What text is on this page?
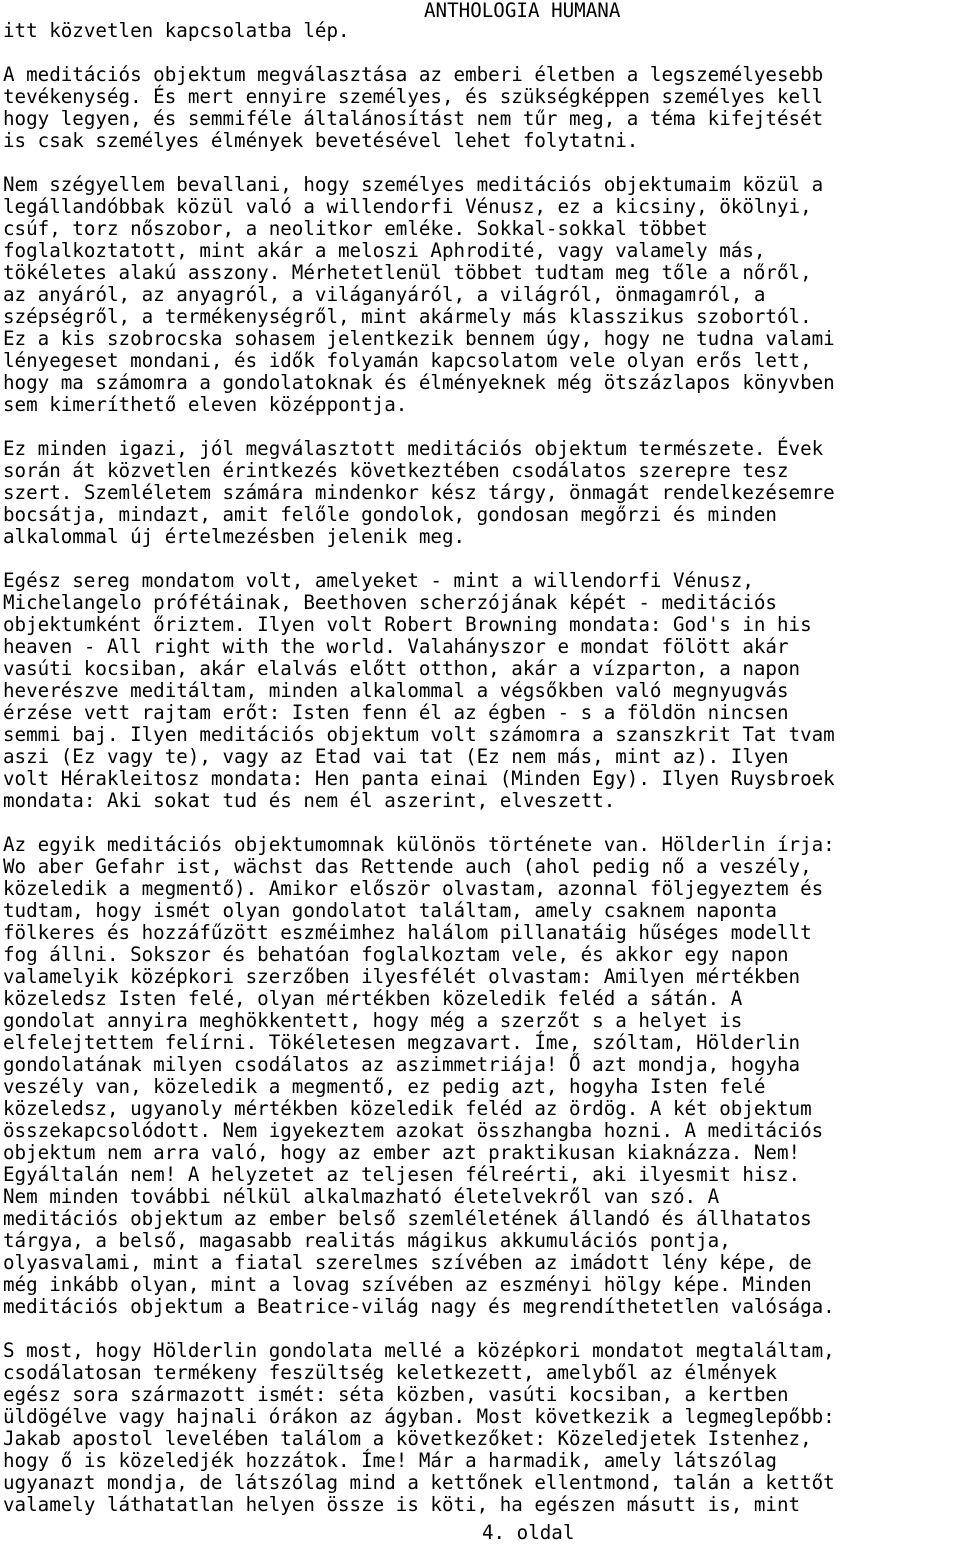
ANTHOLOGIA HUMANA
itt közvetlen kapcsolatba lép.
A meditációs objektum megválasztása az emberi életben a legszemélyesebb
tevékenység. És mert ennyire személyes, és szükségképpen személyes kell
hogy legyen, és semmiféle általánosítást nem tűr meg, a téma kifejtését
is csak személyes élmények bevetésével lehet folytatni.
Nem szégyellem bevallani, hogy személyes meditációs objektumaim közül a
legállandóbbak közül való a willendorfi Vénusz, ez a kicsiny, ökölnyi,
csúf, torz nőszobor, a neolitkor emléke. Sokkal-sokkal többet
foglalkoztatott, mint akár a meloszi Aphrodité, vagy valamely más,
tökéletes alakú asszony. Mérhetetlenül többet tudtam meg tőle a nőről,
az anyáról, az anyagról, a világanyáról, a világról, önmagamról, a
szépségről, a termékenységről, mint akármely más klasszikus szobortól.
Ez a kis szobrocska sohasem jelentkezik bennem úgy, hogy ne tudna valami
lényegeset mondani, és idők folyamán kapcsolatom vele olyan erős lett,
hogy ma számomra a gondolatoknak és élményeknek még ötszázlapos könyvben
sem kimeríthető eleven középpontja.
Ez minden igazi, jól megválasztott meditációs objektum természete. Évek
során át közvetlen érintkezés következtében csodálatos szerepre tesz
szert. Szemléletem számára mindenkor kész tárgy, önmagát rendelkezésemre
bocsátja, mindazt, amit felőle gondolok, gondosan megőrzi és minden
alkalommal új értelmezésben jelenik meg.
Egész sereg mondatom volt, amelyeket - mint a willendorfi Vénusz,
Michelangelo prófétáinak, Beethoven scherzójának képét - meditációs
objektumként őriztem. Ilyen volt Robert Browning mondata: God's in his
heaven - All right with the world. Valahányszor e mondat fölött akár
vasúti kocsiban, akár elalvás előtt otthon, akár a vízparton, a napon
heverészve meditáltam, minden alkalommal a végsőkben való megnyugvás
érzése vett rajtam erőt: Isten fenn él az égben - s a földön nincsen
semmi baj. Ilyen meditációs objektum volt számomra a szanszkrit Tat tvam
aszi (Ez vagy te), vagy az Etad vai tat (Ez nem más, mint az). Ilyen
volt Hérakleitosz mondata: Hen panta einai (Minden Egy). Ilyen Ruysbroek
mondata: Aki sokat tud és nem él aszerint, elveszett.
Az egyik meditációs objektumomnak különös története van. Hölderlin írja:
Wo aber Gefahr ist, wächst das Rettende auch (ahol pedig nő a veszély,
közeledik a megmentő). Amikor először olvastam, azonnal följegyeztem és
tudtam, hogy ismét olyan gondolatot találtam, amely csaknem naponta
fölkeres és hozzáfűzött eszméimhez halálom pillanatáig hűséges modellt
fog állni. Sokszor és behatóan foglalkoztam vele, és akkor egy napon
valamelyik középkori szerzőben ilyesfélét olvastam: Amilyen mértékben
közeledsz Isten felé, olyan mértékben közeledik feléd a sátán. A
gondolat annyira meghökkentett, hogy még a szerzőt s a helyet is
elfelejtettem felírni. Tökéletesen megzavart. Íme, szóltam, Hölderlin
gondolatának milyen csodálatos az aszimmetriája! Ő azt mondja, hogyha
veszély van, közeledik a megmentő, ez pedig azt, hogyha Isten felé
közeledsz, ugyanoly mértékben közeledik feléd az ördög. A két objektum
összekapcsolódott. Nem igyekeztem azokat összhangba hozni. A meditációs
objektum nem arra való, hogy az ember azt praktikusan kiaknázza. Nem!
Egyáltalán nem! A helyzetet az teljesen félreérti, aki ilyesmit hisz.
Nem minden további nélkül alkalmazható életelvekről van szó. A
meditációs objektum az ember belső szemléletének állandó és állhatatos
tárgya, a belső, magasabb realitás mágikus akkumulációs pontja,
olyasvalami, mint a fiatal szerelmes szívében az imádott lény képe, de
még inkább olyan, mint a lovag szívében az eszményi hölgy képe. Minden
meditációs objektum a Beatrice-világ nagy és megrendíthetetlen valósága.
S most, hogy Hölderlin gondolata mellé a középkori mondatot megtaláltam,
csodálatosan termékeny feszültség keletkezett, amelyből az élmények
egész sora származott ismét: séta közben, vasúti kocsiban, a kertben
üldögélve vagy hajnali órákon az ágyban. Most következik a legmeglepőbb:
Jakab apostol levelében találom a következőket: Közeledjetek Istenhez,
hogy ő is közeledjék hozzátok. Íme! Már a harmadik, amely látszólag
ugyanazt mondja, de látszólag mind a kettőnek ellentmond, talán a kettőt
valamely láthatatlan helyen össze is köti, ha egészen másutt is, mint
4. oldal
